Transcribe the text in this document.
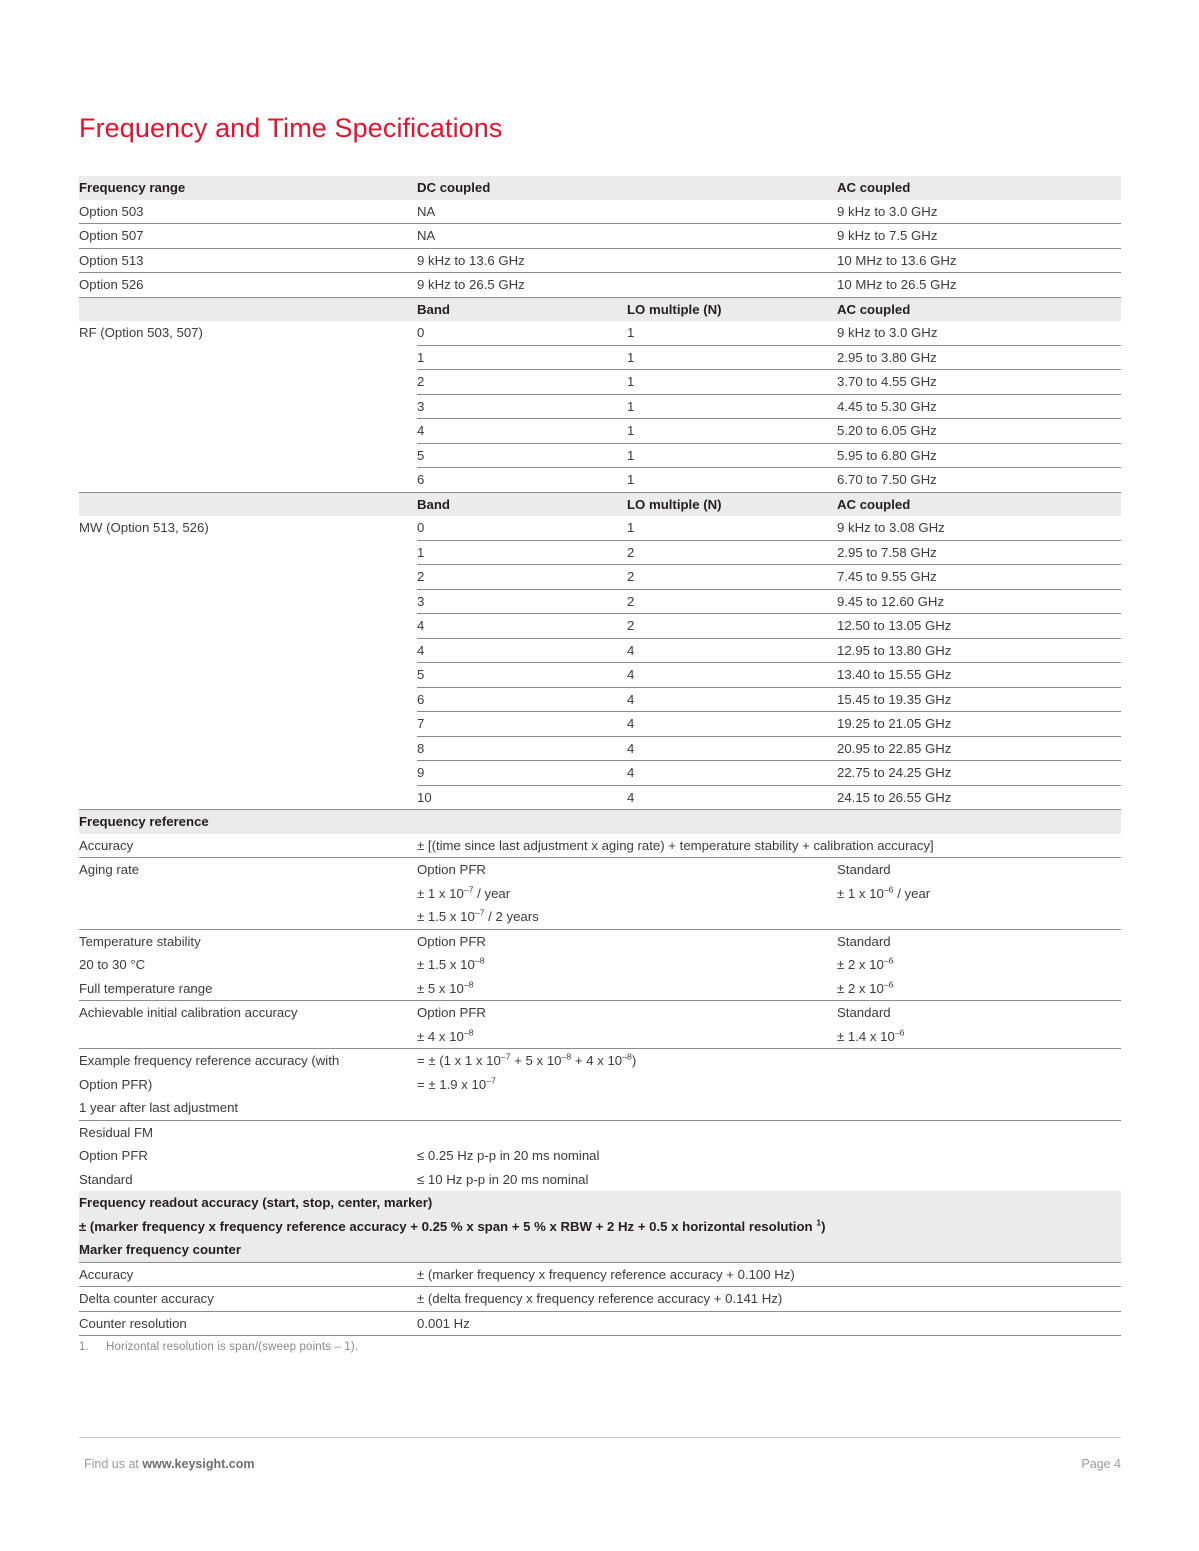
Frequency and Time Specifications
Frequency range	DC coupled		AC coupled
Option 503	NA		9 kHz to 3.0 GHz
Option 507	NA		9 kHz to 7.5 GHz
Option 513	9 kHz to 13.6 GHz		10 MHz to 13.6 GHz
Option 526	9 kHz to 26.5 GHz		10 MHz to 26.5 GHz
	Band	LO multiple (N)	AC coupled
RF (Option 503, 507)	0	1	9 kHz to 3.0 GHz
	1	1	2.95 to 3.80 GHz
	2	1	3.70 to 4.55 GHz
	3	1	4.45 to 5.30 GHz
	4	1	5.20 to 6.05 GHz
	5	1	5.95 to 6.80 GHz
	6	1	6.70 to 7.50 GHz
	Band	LO multiple (N)	AC coupled
MW (Option 513, 526)	0	1	9 kHz to 3.08 GHz
	1	2	2.95 to 7.58 GHz
	2	2	7.45 to 9.55 GHz
	3	2	9.45 to 12.60 GHz
	4	2	12.50 to 13.05 GHz
	4	4	12.95 to 13.80 GHz
	5	4	13.40 to 15.55 GHz
	6	4	15.45 to 19.35 GHz
	7	4	19.25 to 21.05 GHz
	8	4	20.95 to 22.85 GHz
	9	4	22.75 to 24.25 GHz
	10	4	24.15 to 26.55 GHz
Frequency reference			
Accuracy	± [(time since last adjustment x aging rate) + temperature stability + calibration accuracy]		
Aging rate	Option PFR		Standard
	± 1 x $10^{-7}$ / year		± 1 x $10^{-6}$ / year
	± 1.5 x $10^{-7} / 2$ years		
Temperature stability	Option PFR		Standard
20 to 30 °C	± 1.5 x $10^{-8}$		± 2 x $10^{-6}$
Full temperature range	± 5 x $10^{-8}$		± 2 x $10^{-6}$
Achievable initial calibration accuracy	Option PFR		Standard
	± 4 x $10^{-8}$		± 1.4 x $10^{-6}$
Example frequency reference accuracy (with	= ± (1 x 1 x $10^{-7} + 5$ x $10^{-8} + 4$ x $10^{-8}$)		
Option PFR)	= ± 1.9 x $10^{-7}$
1 year after last adjustment			
Residual FM			
Option PFR	≤ 0.25 Hz p-p in 20 ms nominal		
Standard	≤ 10 Hz p-p in 20 ms nominal		
Frequency readout accuracy (start, stop, center, marker)			
± (marker frequency x frequency reference accuracy + 0.25 % x span + 5 % x RBW + 2 Hz + 0.5 x horizontal resolution $^1$)			
Marker frequency counter			
Accuracy	± (marker frequency x frequency reference accuracy + 0.100 Hz)		
Delta counter accuracy	± (delta frequency x frequency reference accuracy + 0.141 Hz)		
Counter resolution	0.001 Hz		
1. Horizontal resolution is span/(sweep points – 1).
Find us at www.keysight.com	Page 4
